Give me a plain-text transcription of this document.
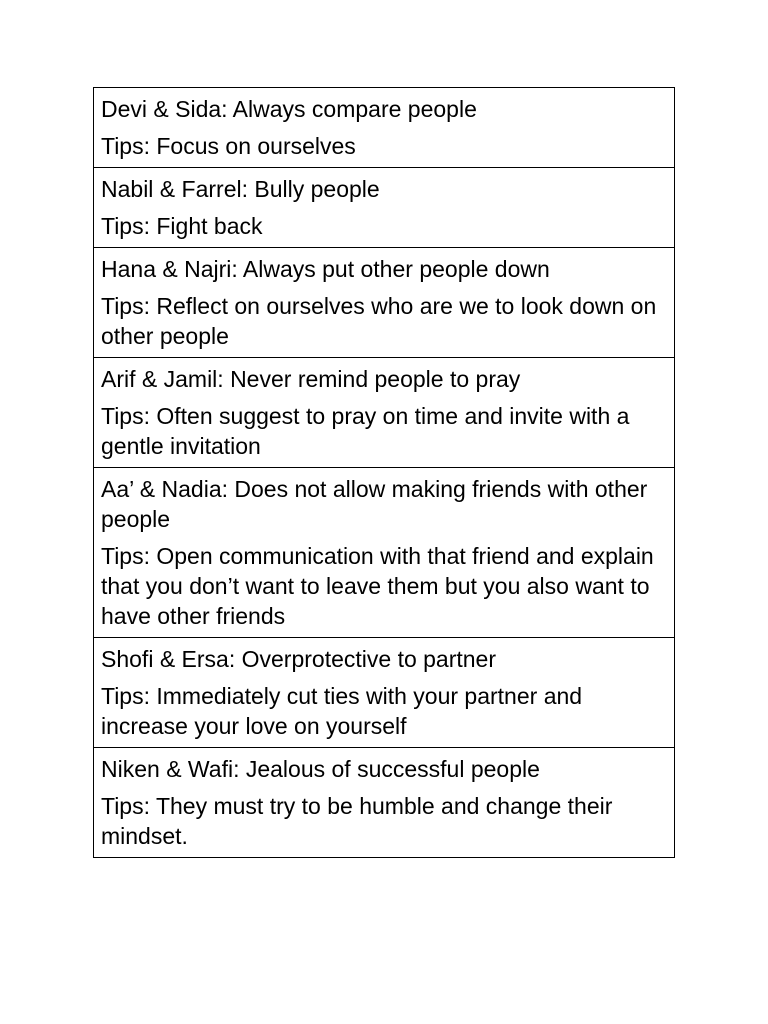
Devi & Sida: Always compare people

Tips: Focus on ourselves

Nabil & Farrel: Bully people

Tips: Fight back

Hana & Najri: Always put other people down

Tips: Reflect on ourselves who are we to look down on other people

Arif & Jamil: Never remind people to pray

Tips: Often suggest to pray on time and invite with a gentle invitation

Aa’ & Nadia: Does not allow making friends with other people

Tips: Open communication with that friend and explain that you don’t want to leave them but you also want to have other friends

Shofi & Ersa: Overprotective to partner

Tips: Immediately cut ties with your partner and increase your love on yourself

Niken & Wafi: Jealous of successful people

Tips: They must try to be humble and change their mindset.
